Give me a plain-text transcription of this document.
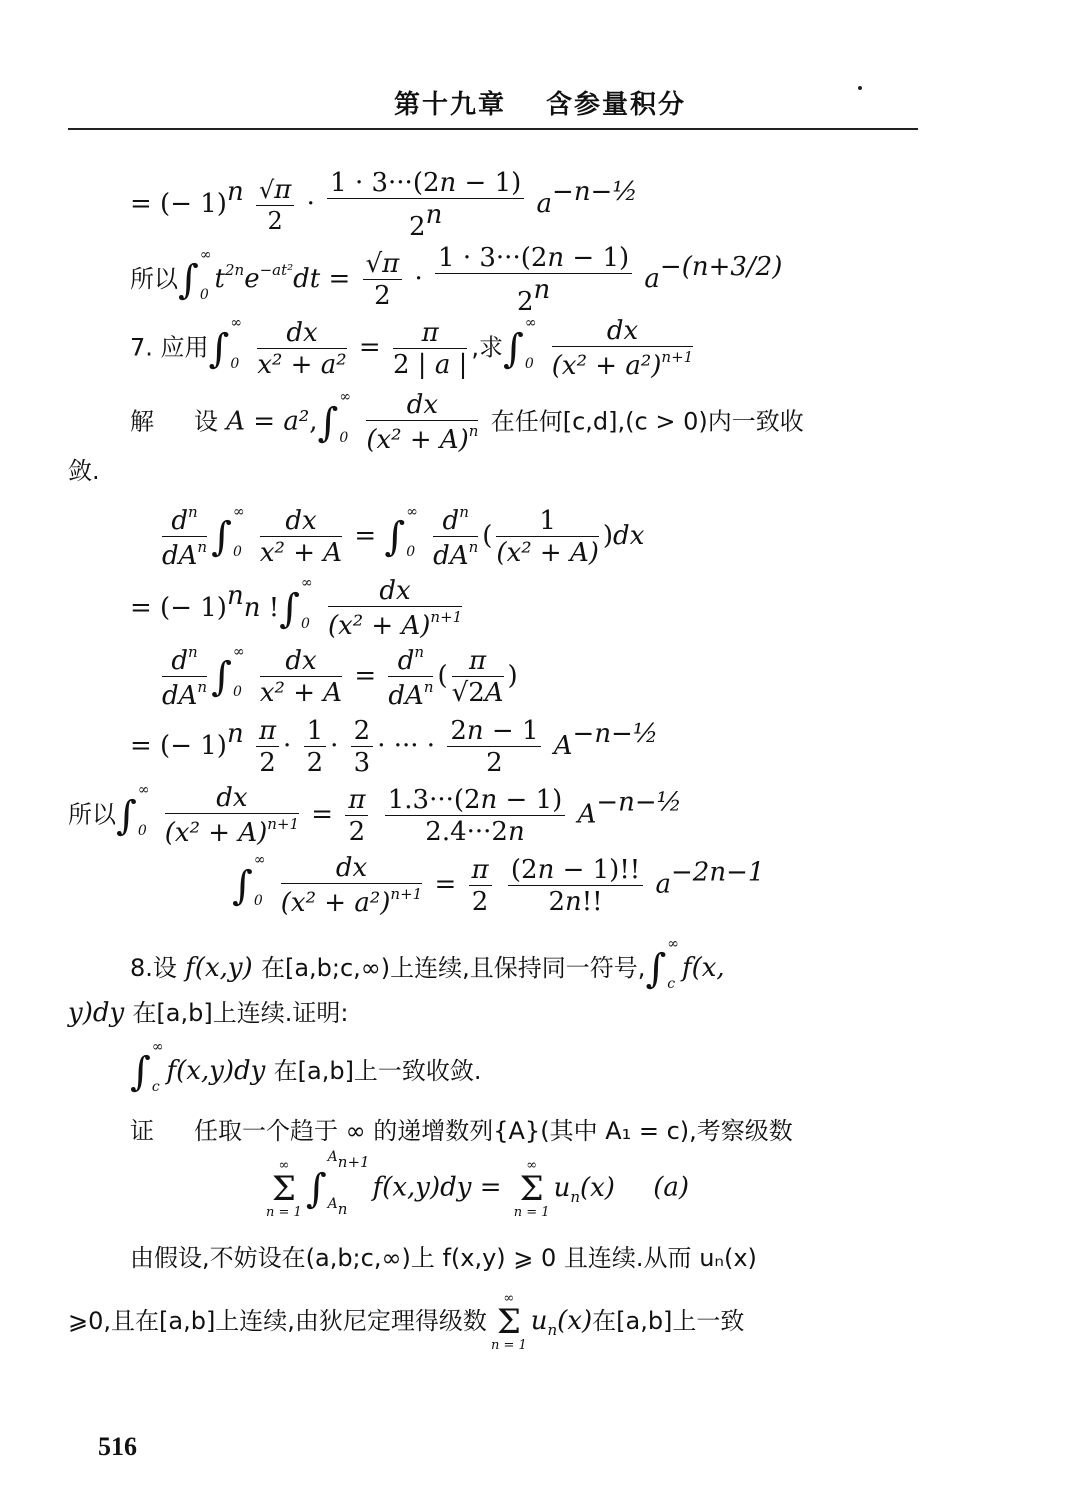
第十九章 含参量积分
= (− $1)^n \frac{√\pi}{2} \cdot \frac{1 \cdot 3\cdot\cdot\cdot(2n - 1)}{2^n} a^{-n-\frac{1}{2}}$
所以∫
∞
0
$t^{2n}e^{-at^2}dt = \frac{√\pi}{2} \cdot \frac{1 \cdot 3\cdot\cdot\cdot(2n - 1)}{2^n} a^{-(n+3/2)}$
7. 应用∫
∞
0
$\frac{dx}{\text{x² + a²}} = \frac{\pi}{2 | a |}$ ,求∫
∞
0
$\frac{dx}{(x^2 + a^2)^{n+1}}$
解 设 A = a²,∫
∞
0
$\frac{dx}{(x^2 + A)^n}$ 在任何[c,d],(c > 0)内一致收
敛.
$\frac{d^n}{dA^n}$ ∫
∞
0
$\frac{dx}{\text{x² + A}}$ = ∫
∞
0
$\frac{d^n}{dA^n}$ ( $\frac{1}{\text{(x² + A)}} )dx$
= (− 1)$^n$n !∫
∞
0
$\frac{dx}{(x^2 + A)^{n+1}}$
$\frac{d^n}{dA^n}$ ∫
∞
0
$\frac{dx}{\text{x² + A}} = \frac{d^n}{dA^n}$ ( $\frac{\pi}{√2A}$ )
= (− $1)^n \frac{\pi}{2} \cdot \frac{1}{2} \cdot \frac{2}{3}$ · ··· · $\frac{2n - 1}{2} A^{-n-\frac{1}{2}}$
所以∫
∞
0
$\frac{dx}{(x^2 + A)^{n+1}} = \frac{\pi}{2}$
$\frac{1.3\cdot\cdot\cdot(2n - 1)}{2.4\cdot\cdot\cdot 2n} A^{-n-\frac{1}{2}}$
∫
∞
0
$\frac{dx}{(x^2 + a^2)^{n+1}} = \frac{\pi}{2}$
$\frac{(2n - 1)!!}{2n!!} a^{-2n-1}$
8.设 f(x,y) 在[a,b;c,∞)上连续,且保持同一符号,∫
∞
c
f(x,
y)dy 在[a,b]上连续.证明:
∫
∞
c
f(x,y)dy 在[a,b]上一致收敛.
证 任取一个趋于 ∞ 的递增数列{A}(其中 A₁ = c),考察级数
∞
Σ
n = 1
∫
$A_{n+1}$
$A_n$
f(x,y)dy =
∞
Σ
n = 1
$u_n(x)$ (a)
由假设,不妨设在(a,b;c,∞)上 f(x,y) ⩾ 0 且连续.从而 uₙ(x)
⩾0,且在[a,b]上连续,由狄尼定理得级数
∞
Σ
n = 1
$u_n(x)$在[a,b]上一致
516
